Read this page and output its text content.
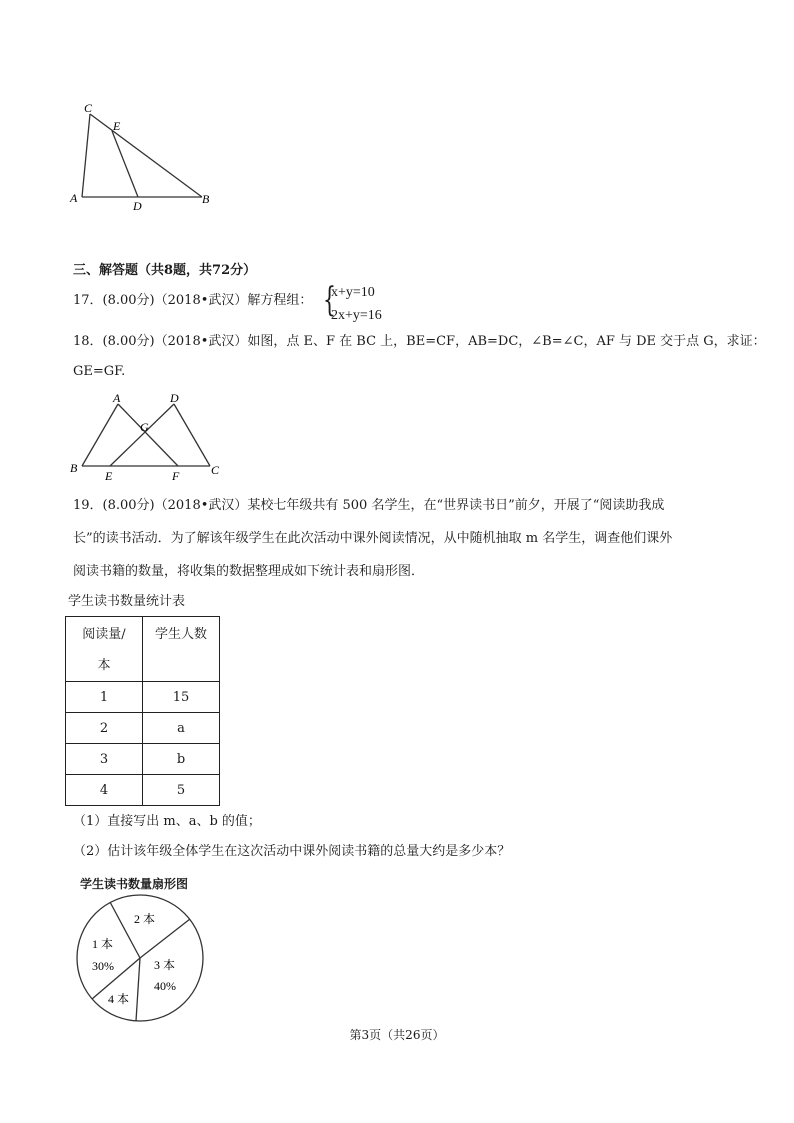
C
E
A
D	B
三、解答题（共8题，共72分）
17．(8.00分)（2018•武汉）解方程组： {
x+y=10
2x+y=16
18．(8.00分)（2018•武汉）如图，点 E、F 在 BC 上，BE=CF，AB=DC，∠B=∠C，AF 与 DE 交于点 G，求证：
GE=GF.
A	D
G
B
E	F	C
19．(8.00分)（2018•武汉）某校七年级共有 500 名学生，在“世界读书日”前夕，开展了“阅读助我成
长”的读书活动．为了解该年级学生在此次活动中课外阅读情况，从中随机抽取 m 名学生，调查他们课外
阅读书籍的数量，将收集的数据整理成如下统计表和扇形图．
学生读书数量统计表
阅读量/
本	学生人数

1	15
2	a
3	b
4	5
（1）直接写出 m、a、b 的值；
（2）估计该年级全体学生在这次活动中课外阅读书籍的总量大约是多少本？
学生读书数量扇形图
1 本
30%
2 本
3 本
40%
4 本
第3页（共26页）
